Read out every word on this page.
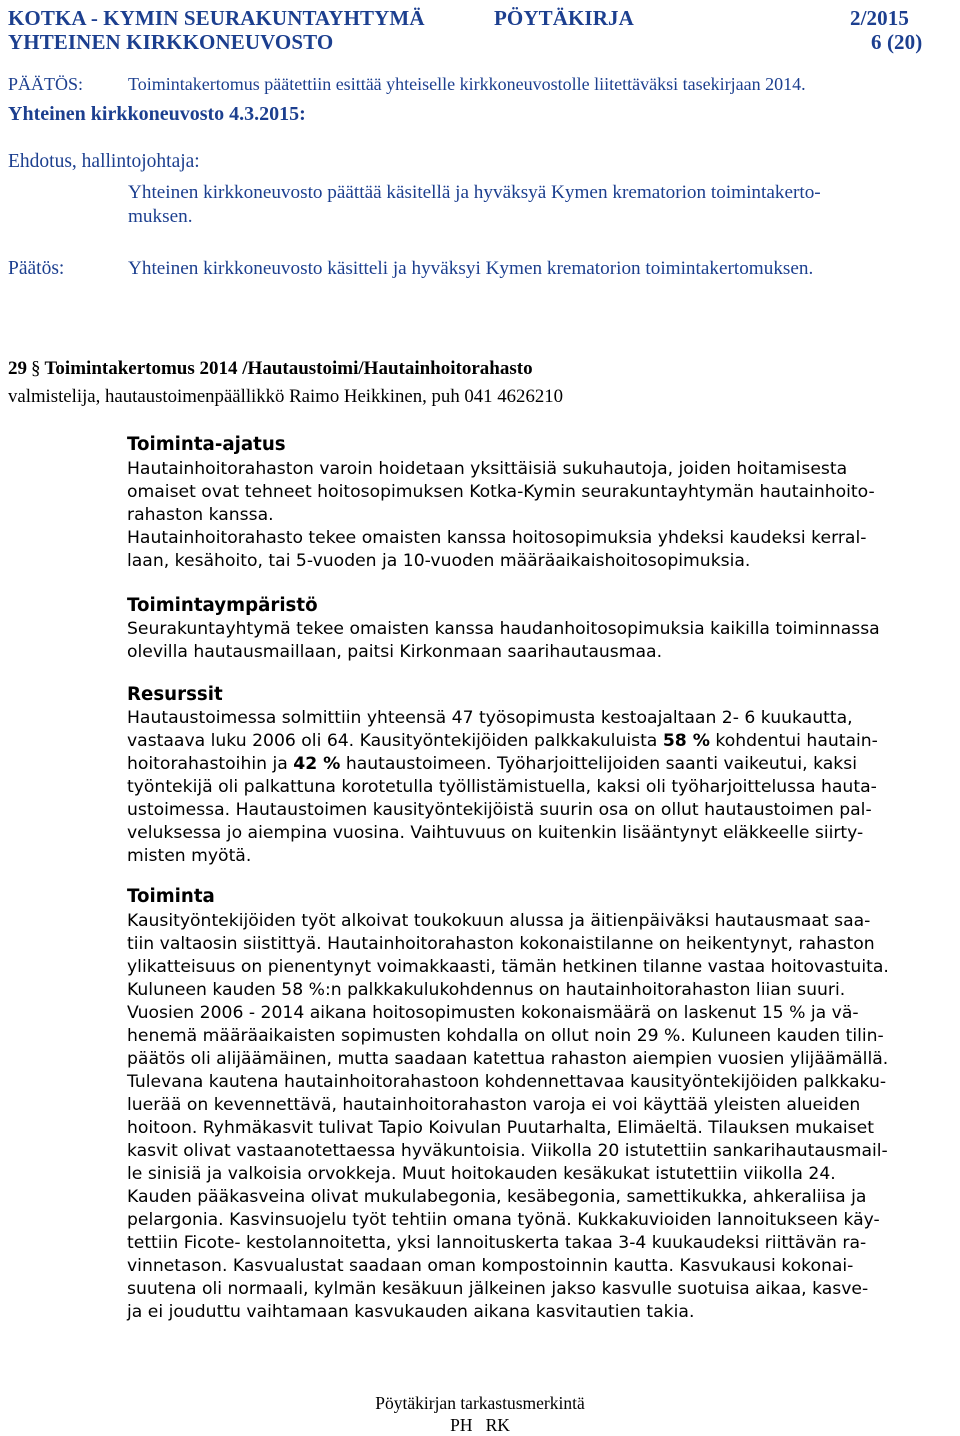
KOTKA - KYMIN SEURAKUNTAYHTYMÄ	PÖYTÄKIRJA	2/2015
YHTEINEN KIRKKONEUVOSTO	6 (20)
PÄÄTÖS: Toimintakertomus päätettiin esittää yhteiselle kirkkoneuvostolle liitettäväksi tasekirjaan 2014.
Yhteinen kirkkoneuvosto 4.3.2015:
Ehdotus, hallintojohtaja:
Yhteinen kirkkoneuvosto päättää käsitellä ja hyväksyä Kymen krematorion toimintakerto-
muksen.
Päätös:	Yhteinen kirkkoneuvosto käsitteli ja hyväksyi Kymen krematorion toimintakertomuksen.
29 § Toimintakertomus 2014 /Hautaustoimi/Hautainhoitorahasto
valmistelija, hautaustoimenpäällikkö Raimo Heikkinen, puh 041 4626210
Toiminta-ajatus
Hautainhoitorahaston varoin hoidetaan yksittäisiä sukuhautoja, joiden hoitamisesta
omaiset ovat tehneet hoitosopimuksen Kotka-Kymin seurakuntayhtymän hautainhoito-
rahaston kanssa.
Hautainhoitorahasto tekee omaisten kanssa hoitosopimuksia yhdeksi kaudeksi kerral-
laan, kesähoito, tai 5-vuoden ja 10-vuoden määräaikaishoitosopimuksia.
Toimintaympäristö
Seurakuntayhtymä tekee omaisten kanssa haudanhoitosopimuksia kaikilla toiminnassa
olevilla hautausmaillaan, paitsi Kirkonmaan saarihautausmaa.
Resurssit
Hautaustoimessa solmittiin yhteensä 47 työsopimusta kestoajaltaan 2- 6 kuukautta,
vastaava luku 2006 oli 64. Kausityöntekijöiden palkkakuluista 58 % kohdentui hautain-
hoitorahastoihin ja 42 % hautaustoimeen. Työharjoittelijoiden saanti vaikeutui, kaksi
työntekijä oli palkattuna korotetulla työllistämistuella, kaksi oli työharjoittelussa hauta-
ustoimessa. Hautaustoimen kausityöntekijöistä suurin osa on ollut hautaustoimen pal-
veluksessa jo aiempina vuosina. Vaihtuvuus on kuitenkin lisääntynyt eläkkeelle siirty-
misten myötä.
Toiminta
Kausityöntekijöiden työt alkoivat toukokuun alussa ja äitienpäiväksi hautausmaat saa-
tiin valtaosin siistittyä. Hautainhoitorahaston kokonaistilanne on heikentynyt, rahaston
ylikatteisuus on pienentynyt voimakkaasti, tämän hetkinen tilanne vastaa hoitovastuita.
Kuluneen kauden 58 %:n palkkakulukohdennus on hautainhoitorahaston liian suuri.
Vuosien 2006 - 2014 aikana hoitosopimusten kokonaismäärä on laskenut 15 % ja vä-
henemä määräaikaisten sopimusten kohdalla on ollut noin 29 %. Kuluneen kauden tilin-
päätös oli alijäämäinen, mutta saadaan katettua rahaston aiempien vuosien ylijäämällä.
Tulevana kautena hautainhoitorahastoon kohdennettavaa kausityöntekijöiden palkkaku-
luerää on kevennettävä, hautainhoitorahaston varoja ei voi käyttää yleisten alueiden
hoitoon. Ryhmäkasvit tulivat Tapio Koivulan Puutarhalta, Elimäeltä. Tilauksen mukaiset
kasvit olivat vastaanotettaessa hyväkuntoisia. Viikolla 20 istutettiin sankarihautausmail-
le sinisiä ja valkoisia orvokkeja. Muut hoitokauden kesäkukat istutettiin viikolla 24.
Kauden pääkasveina olivat mukulabegonia, kesäbegonia, samettikukka, ahkeraliisa ja
pelargonia. Kasvinsuojelu työt tehtiin omana työnä. Kukkakuvioiden lannoitukseen käy-
tettiin Ficote- kestolannoitetta, yksi lannoituskerta takaa 3-4 kuukaudeksi riittävän ra-
vinnetason. Kasvualustat saadaan oman kompostoinnin kautta. Kasvukausi kokonai-
suutena oli normaali, kylmän kesäkuun jälkeinen jakso kasvulle suotuisa aikaa, kasve-
ja ei jouduttu vaihtamaan kasvukauden aikana kasvitautien takia.
Pöytäkirjan tarkastusmerkintä
PH   RK
